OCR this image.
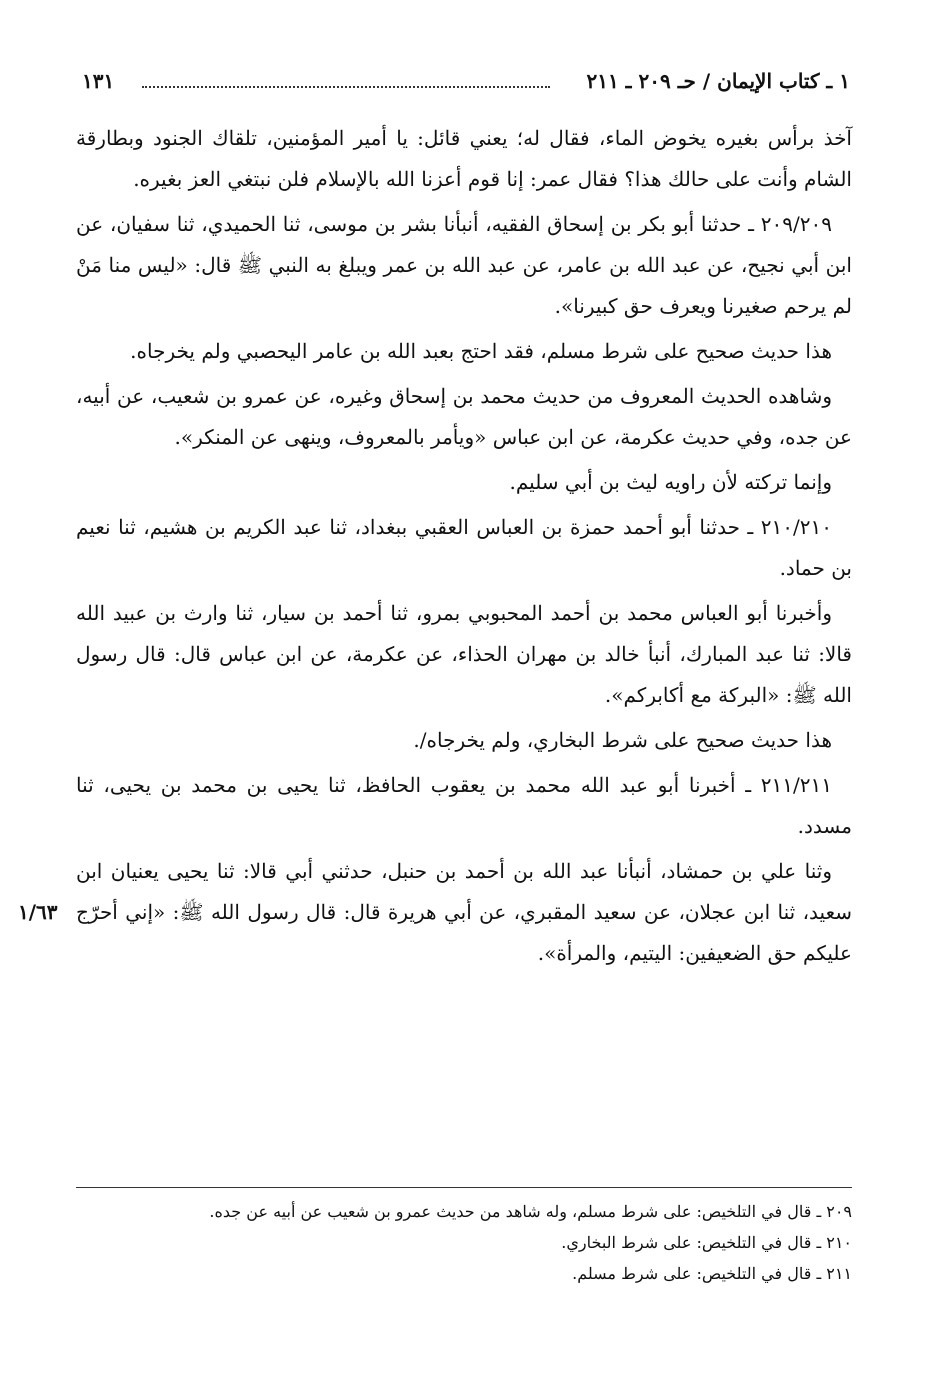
١ ـ كتاب الإيمان / حـ ٢٠٩ ـ ٢١١
١٣١
١/٦٣

آخذ برأس بغيره يخوض الماء، فقال له؛ يعني قائل: يا أمير المؤمنين، تلقاك الجنود وبطارقة الشام وأنت على حالك هذا؟ فقال عمر: إنا قوم أعزنا الله بالإسلام فلن نبتغي العز بغيره.

٢٠٩/٢٠٩ ـ حدثنا أبو بكر بن إسحاق الفقيه، أنبأنا بشر بن موسى، ثنا الحميدي، ثنا سفيان، عن ابن أبي نجيح، عن عبد الله بن عامر، عن عبد الله بن عمر ويبلغ به النبي ﷺ قال: «ليس منا مَنْ لم يرحم صغيرنا ويعرف حق كبيرنا».

هذا حديث صحيح على شرط مسلم، فقد احتج بعبد الله بن عامر اليحصبي ولم يخرجاه.

وشاهده الحديث المعروف من حديث محمد بن إسحاق وغيره، عن عمرو بن شعيب، عن أبيه، عن جده، وفي حديث عكرمة، عن ابن عباس «ويأمر بالمعروف، وينهى عن المنكر».

وإنما تركته لأن راويه ليث بن أبي سليم.

٢١٠/٢١٠ ـ حدثنا أبو أحمد حمزة بن العباس العقبي ببغداد، ثنا عبد الكريم بن هشيم، ثنا نعيم بن حماد.

وأخبرنا أبو العباس محمد بن أحمد المحبوبي بمرو، ثنا أحمد بن سيار، ثنا وارث بن عبيد الله قالا: ثنا عبد المبارك، أنبأ خالد بن مهران الحذاء، عن عكرمة، عن ابن عباس قال: قال رسول الله ﷺ: «البركة مع أكابركم».

هذا حديث صحيح على شرط البخاري، ولم يخرجاه/.

٢١١/٢١١ ـ أخبرنا أبو عبد الله محمد بن يعقوب الحافظ، ثنا يحيى بن محمد بن يحيى، ثنا مسدد.

وثنا علي بن حمشاد، أنبأنا عبد الله بن أحمد بن حنبل، حدثني أبي قالا: ثنا يحيى يعنيان ابن سعيد، ثنا ابن عجلان، عن سعيد المقبري، عن أبي هريرة قال: قال رسول الله ﷺ: «إني أحرّج عليكم حق الضعيفين: اليتيم، والمرأة».

٢٠٩ ـ قال في التلخيص: على شرط مسلم، وله شاهد من حديث عمرو بن شعيب عن أبيه عن جده.

٢١٠ ـ قال في التلخيص: على شرط البخاري.

٢١١ ـ قال في التلخيص: على شرط مسلم.
